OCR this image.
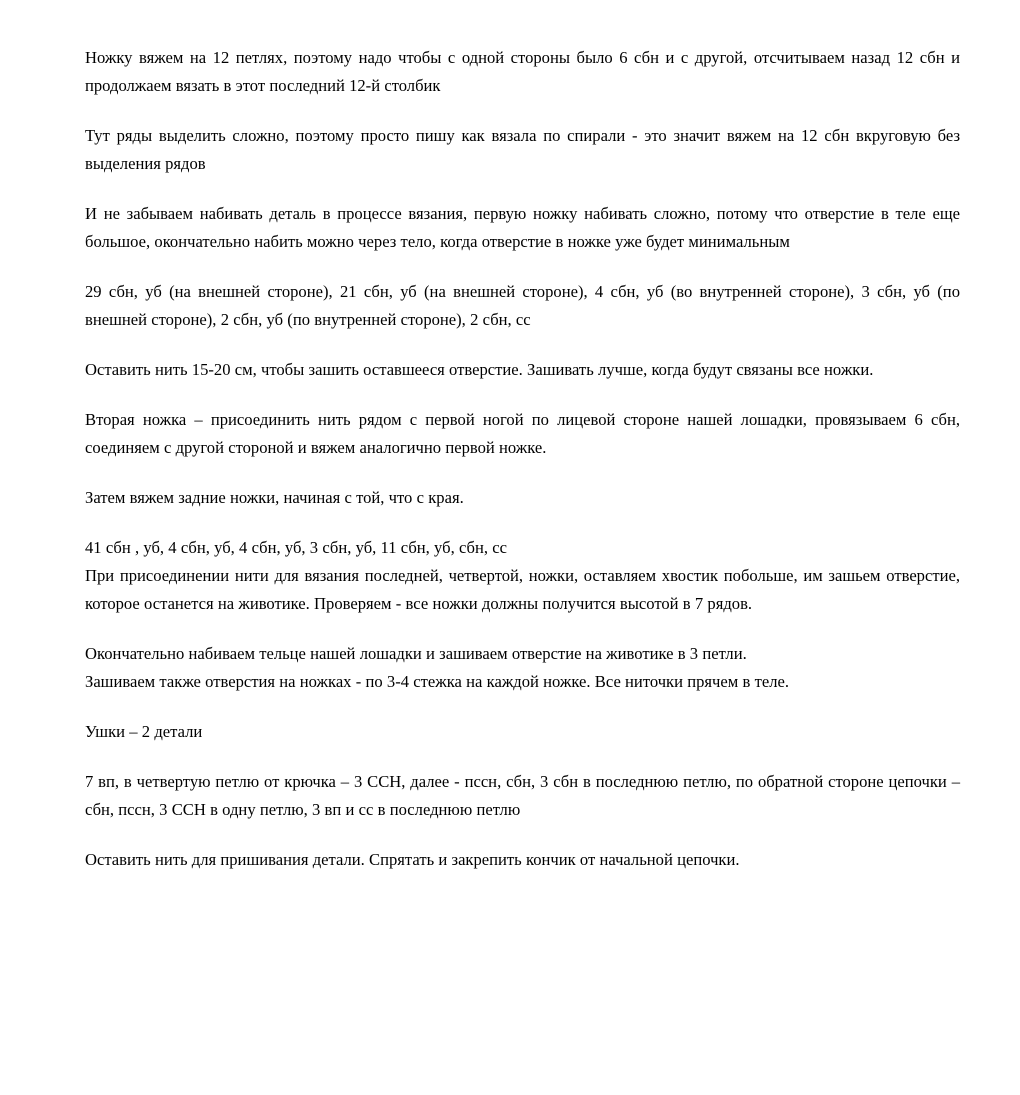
Ножку вяжем на 12 петлях, поэтому надо чтобы с одной стороны было 6 сбн и с другой, отсчитываем назад 12 сбн и продолжаем вязать в этот последний 12-й столбик

Тут ряды выделить сложно, поэтому просто пишу как вязала по спирали - это значит вяжем на 12 сбн вкруговую без выделения рядов

И не забываем набивать деталь в процессе вязания, первую ножку набивать сложно, потому что отверстие в теле еще большое, окончательно набить можно через тело, когда отверстие в ножке уже будет минимальным

29 сбн, уб (на внешней стороне), 21 сбн, уб (на внешней стороне), 4 сбн, уб (во внутренней стороне), 3 сбн, уб (по внешней стороне), 2 сбн, уб (по внутренней стороне), 2 сбн, сс

Оставить нить 15-20 см, чтобы зашить оставшееся отверстие. Зашивать лучше, когда будут связаны все ножки.

Вторая ножка – присоединить нить рядом с первой ногой по лицевой стороне нашей лошадки, провязываем 6 сбн, соединяем с другой стороной и вяжем аналогично первой ножке.

Затем вяжем задние ножки, начиная с той, что с края.

41 сбн , уб, 4 сбн, уб, 4 сбн, уб, 3 сбн, уб, 11 сбн, уб, сбн, сс
При присоединении нити для вязания последней, четвертой, ножки, оставляем хвостик побольше, им зашьем отверстие, которое останется на животике. Проверяем - все ножки должны получится высотой в 7 рядов.

Окончательно набиваем тельце нашей лошадки и зашиваем отверстие на животике в 3 петли.
Зашиваем также отверстия на ножках - по 3-4 стежка на каждой ножке. Все ниточки прячем в теле.

Ушки – 2 детали

7 вп, в четвертую петлю от крючка – 3 ССН, далее - пссн, сбн, 3 сбн в последнюю петлю, по обратной стороне цепочки – сбн, пссн, 3 ССН в одну петлю, 3 вп и сс в последнюю петлю

Оставить нить для пришивания детали. Спрятать и закрепить кончик от начальной цепочки.
